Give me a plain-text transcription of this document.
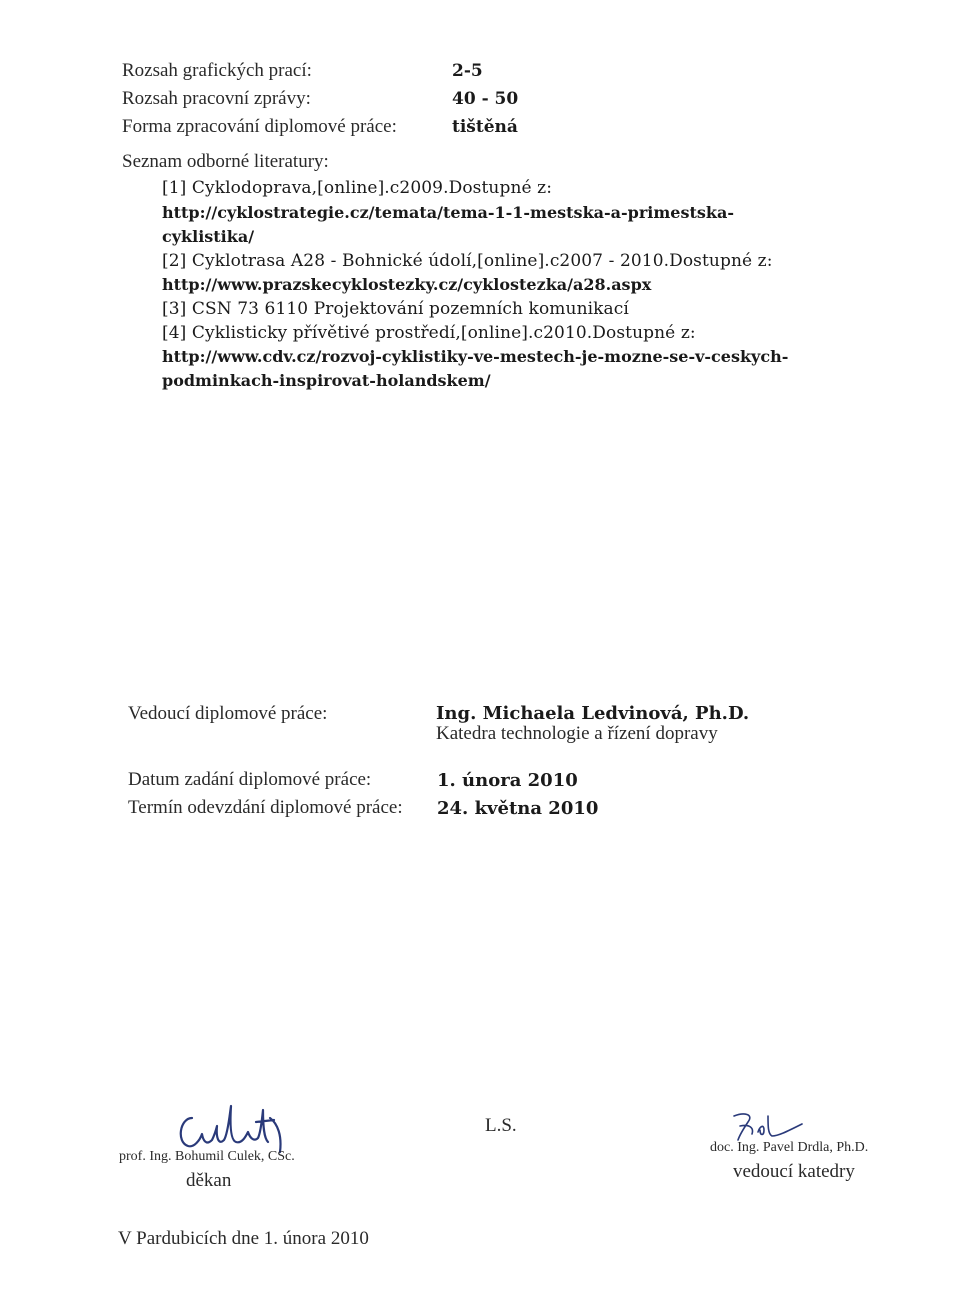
Rozsah grafických prací:	2-5
Rozsah pracovní zprávy:	40 - 50
Forma zpracování diplomové práce:	tištěná
Seznam odborné literatury:
[1] Cyklodoprava,[online].c2009.Dostupné z:
http://cyklostrategie.cz/temata/tema-1-1-mestska-a-primestska-
cyklistika/
[2] Cyklotrasa A28 - Bohnické údolí,[online].c2007 - 2010.Dostupné z:
http://www.prazskecyklostezky.cz/cyklostezka/a28.aspx
[3] CSN 73 6110 Projektování pozemních komunikací
[4] Cyklisticky přívětivé prostředí,[online].c2010.Dostupné z:
http://www.cdv.cz/rozvoj-cyklistiky-ve-mestech-je-mozne-se-v-ceskych-
podminkach-inspirovat-holandskem/
Vedoucí diplomové práce:	Ing. Michaela Ledvinová, Ph.D.
Katedra technologie a řízení dopravy
Datum zadání diplomové práce:	1. února 2010
Termín odevzdání diplomové práce: 24. května 2010
prof. Ing. Bohumil Culek, CSc.
děkan
L.S.
doc. Ing. Pavel Drdla, Ph.D.
vedoucí katedry
V Pardubicích dne 1. února 2010
